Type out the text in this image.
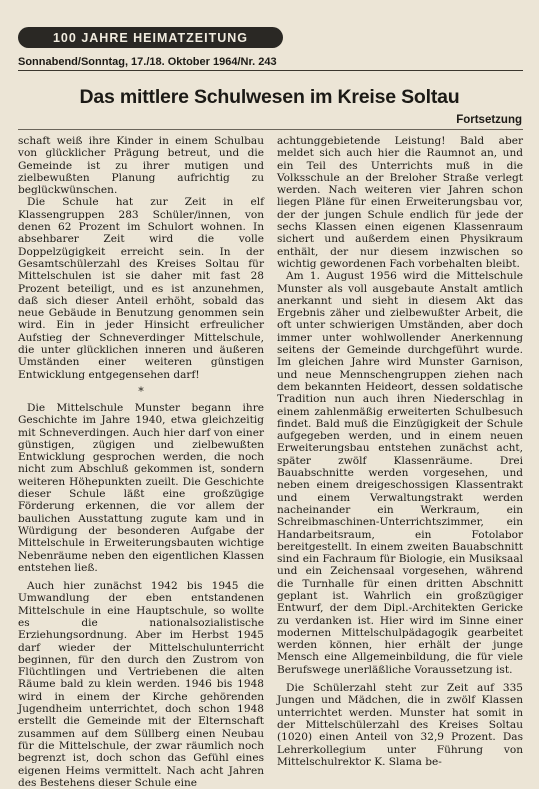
100 JAHRE HEIMATZEITUNG
Sonnabend/Sonntag, 17./18. Oktober 1964/Nr. 243
Das mittlere Schulwesen im Kreise Soltau
Fortsetzung

schaft weiß ihre Kinder in einem Schulbau von glücklicher Prägung betreut, und die Gemeinde ist zu ihrer mutigen und zielbewußten Planung aufrichtig zu beglückwünschen.

Die Schule hat zur Zeit in elf Klassengruppen 283 Schüler/innen, von denen 62 Prozent im Schulort wohnen. In absehbarer Zeit wird die volle Doppelzügigkeit erreicht sein. In der Gesamtschülerzahl des Kreises Soltau für Mittelschulen ist sie daher mit fast 28 Prozent beteiligt, und es ist anzunehmen, daß sich dieser Anteil erhöht, sobald das neue Gebäude in Benutzung genommen sein wird. Ein in jeder Hinsicht erfreulicher Aufstieg der Schneverdinger Mittelschule, die unter glücklichen inneren und äußeren Umständen einer weiteren günstigen Entwicklung entgegensehen darf!

*

Die Mittelschule Munster begann ihre Geschichte im Jahre 1940, etwa gleichzeitig mit Schneverdingen. Auch hier darf von einer günstigen, zügigen und zielbewußten Entwicklung gesprochen werden, die noch nicht zum Abschluß gekommen ist, sondern weiteren Höhepunkten zueilt. Die Geschichte dieser Schule läßt eine großzügige Förderung erkennen, die vor allem der baulichen Ausstattung zugute kam und in Würdigung der besonderen Aufgabe der Mittelschule in Erweiterungsbauten wichtige Nebenräume neben den eigentlichen Klassen entstehen ließ.

Auch hier zunächst 1942 bis 1945 die Umwandlung der eben entstandenen Mittelschule in eine Hauptschule, so wollte es die nationalsozialistische Erziehungsordnung. Aber im Herbst 1945 darf wieder der Mittelschulunterricht beginnen, für den durch den Zustrom von Flüchtlingen und Vertriebenen die alten Räume bald zu klein werden. 1946 bis 1948 wird in einem der Kirche gehörenden Jugendheim unterrichtet, doch schon 1948 erstellt die Gemeinde mit der Elternschaft zusammen auf dem Süllberg einen Neubau für die Mittelschule, der zwar räumlich noch begrenzt ist, doch schon das Gefühl eines eigenen Heims vermittelt. Nach acht Jahren des Bestehens dieser Schule eine

achtunggebietende Leistung! Bald aber meldet sich auch hier die Raumnot an, und ein Teil des Unterrichts muß in die Volksschule an der Breloher Straße verlegt werden. Nach weiteren vier Jahren schon liegen Pläne für einen Erweiterungsbau vor, der der jungen Schule endlich für jede der sechs Klassen einen eigenen Klassenraum sichert und außerdem einen Physikraum enthält, der nur diesem inzwischen so wichtig gewordenen Fach vorbehalten bleibt.

Am 1. August 1956 wird die Mittelschule Munster als voll ausgebaute Anstalt amtlich anerkannt und sieht in diesem Akt das Ergebnis zäher und zielbewußter Arbeit, die oft unter schwierigen Umständen, aber doch immer unter wohlwollender Anerkennung seitens der Gemeinde durchgeführt wurde. Im gleichen Jahre wird Munster Garnison, und neue Mennschengruppen ziehen nach dem bekannten Heideort, dessen soldatische Tradition nun auch ihren Niederschlag in einem zahlenmäßig erweiterten Schulbesuch findet. Bald muß die Einzügigkeit der Schule aufgegeben werden, und in einem neuen Erweiterungsbau entstehen zunächst acht, später zwölf Klassenräume. Drei Bauabschnitte werden vorgesehen, und neben einem dreigeschossigen Klassentrakt und einem Verwaltungstrakt werden nacheinander ein Werkraum, ein Schreibmaschinen-Unterrichtszimmer, ein Handarbeitsraum, ein Fotolabor bereitgestellt. In einem zweiten Bauabschnitt sind ein Fachraum für Biologie, ein Musiksaal und ein Zeichensaal vorgesehen, während die Turnhalle für einen dritten Abschnitt geplant ist. Wahrlich ein großzügiger Entwurf, der dem Dipl.-Architekten Gericke zu verdanken ist. Hier wird im Sinne einer modernen Mittelschulpädagogik gearbeitet werden können, hier erhält der junge Mensch eine Allgemeinbildung, die für viele Berufswege unerläßliche Voraussetzung ist.

Die Schülerzahl steht zur Zeit auf 335 Jungen und Mädchen, die in zwölf Klassen unterrichtet werden. Munster hat somit in der Mittelschülerzahl des Kreises Soltau (1020) einen Anteil von 32,9 Prozent. Das Lehrerkollegium unter Führung von Mittelschulrektor K. Slama be-
